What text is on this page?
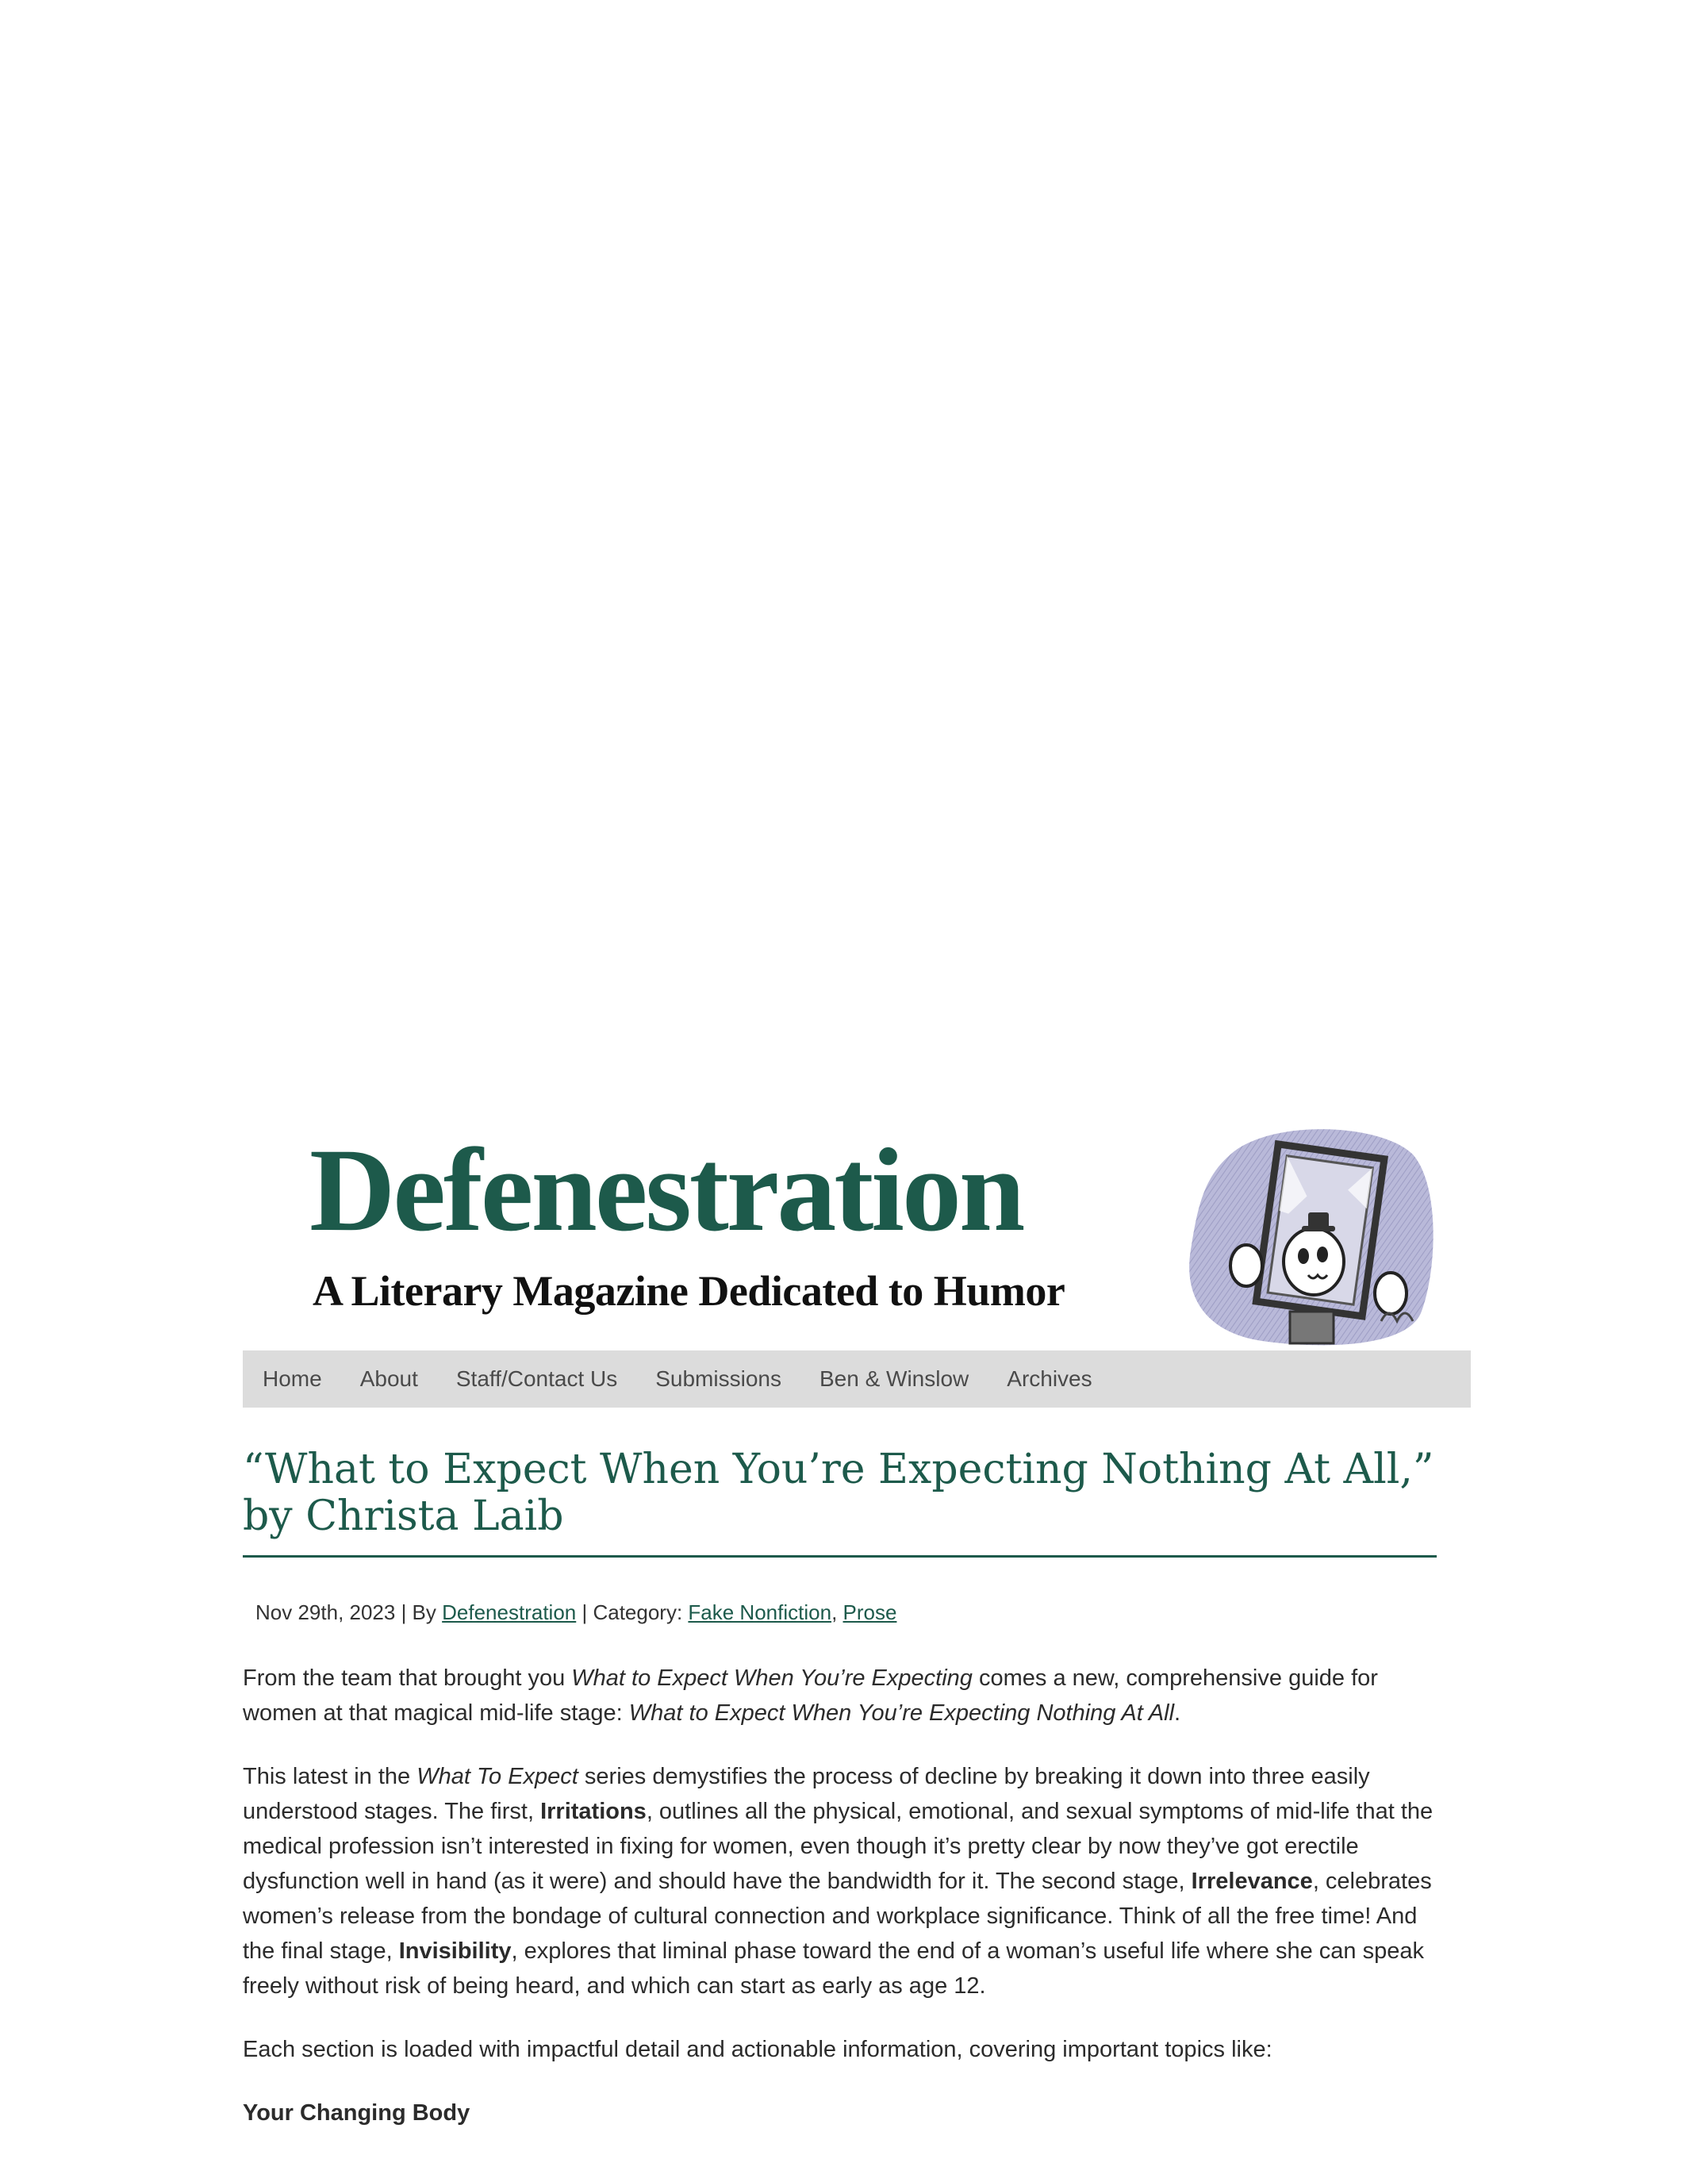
Defenestration
A Literary Magazine Dedicated to Humor
Home About Staff/Contact Us Submissions Ben & Winslow Archives
“What to Expect When You’re Expecting Nothing At All,” by Christa Laib
Nov 29th, 2023 | By Defenestration | Category: Fake Nonfiction, Prose

From the team that brought you What to Expect When You’re Expecting comes a new, comprehensive guide for women at that magical mid-life stage: What to Expect When You’re Expecting Nothing At All.

This latest in the What To Expect series demystifies the process of decline by breaking it down into three easily understood stages. The first, Irritations, outlines all the physical, emotional, and sexual symptoms of mid-life that the medical profession isn’t interested in fixing for women, even though it’s pretty clear by now they’ve got erectile dysfunction well in hand (as it were) and should have the bandwidth for it. The second stage, Irrelevance, celebrates women’s release from the bondage of cultural connection and workplace significance. Think of all the free time! And the final stage, Invisibility, explores that liminal phase toward the end of a woman’s useful life where she can speak freely without risk of being heard, and which can start as early as age 12.

Each section is loaded with impactful detail and actionable information, covering important topics like:

Your Changing Body
